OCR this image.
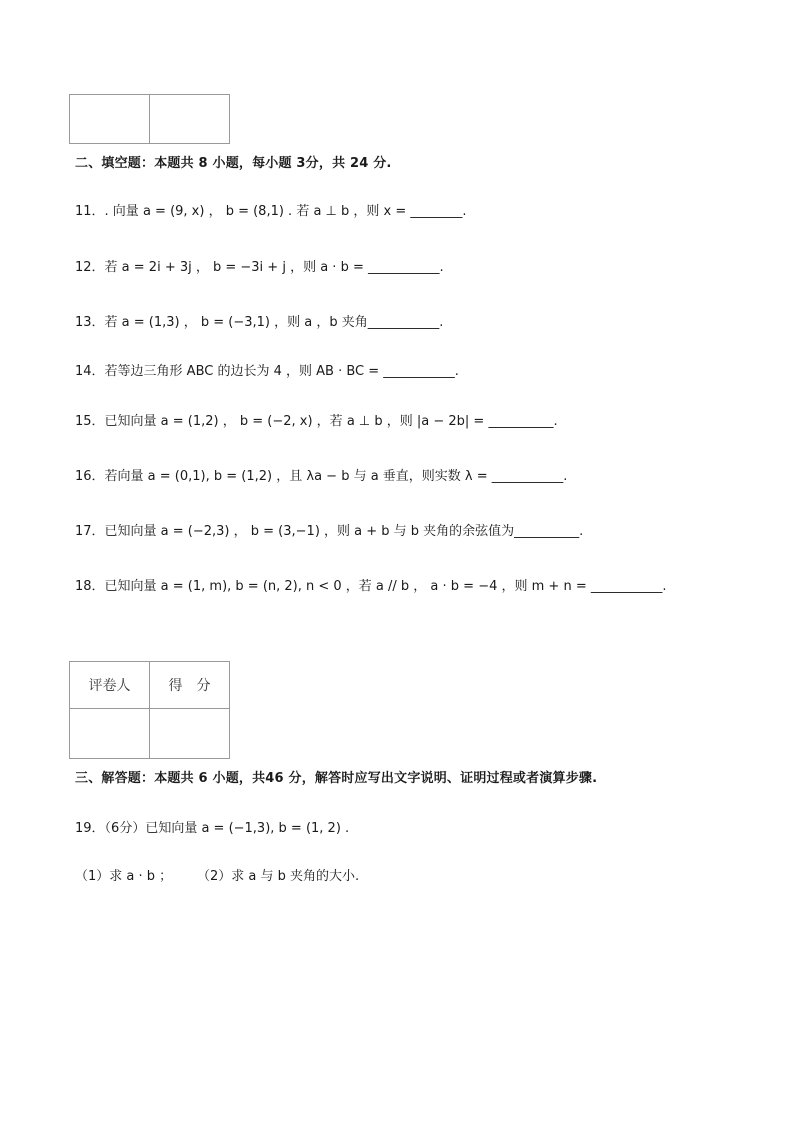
二、填空题：本题共 8 小题，每小题 3分，共 24 分.
11．. 向量 a = (9, x) ， b = (8,1) . 若 a ⊥ b ，则 x = ________.
12．若 a = 2i + 3j ， b = −3i + j ，则 a · b = ___________.
13．若 a = (1,3) ， b = (−3,1) ，则 a ，b 夹角___________.
14．若等边三角形 ABC 的边长为 4 ，则 AB · BC = ___________.
15．已知向量 a = (1,2) ， b = (−2, x) ，若 a ⊥ b ，则 |a − 2b| = __________.
16．若向量 a = (0,1), b = (1,2) ，且 λa − b 与 a 垂直，则实数 λ = ___________.
17．已知向量 a = (−2,3) ， b = (3,−1) ，则 a + b 与 b 夹角的余弦值为__________.
18．已知向量 a = (1, m), b = (n, 2), n < 0 ，若 a // b ， a · b = −4 ，则 m + n = ___________.
评卷人	得　分

三、解答题：本题共 6 小题，共46 分，解答时应写出文字说明、证明过程或者演算步骤.
19．（6分）已知向量 a = (−1,3), b = (1, 2) .
（1）求 a · b ； （2）求 a 与 b 夹角的大小.
